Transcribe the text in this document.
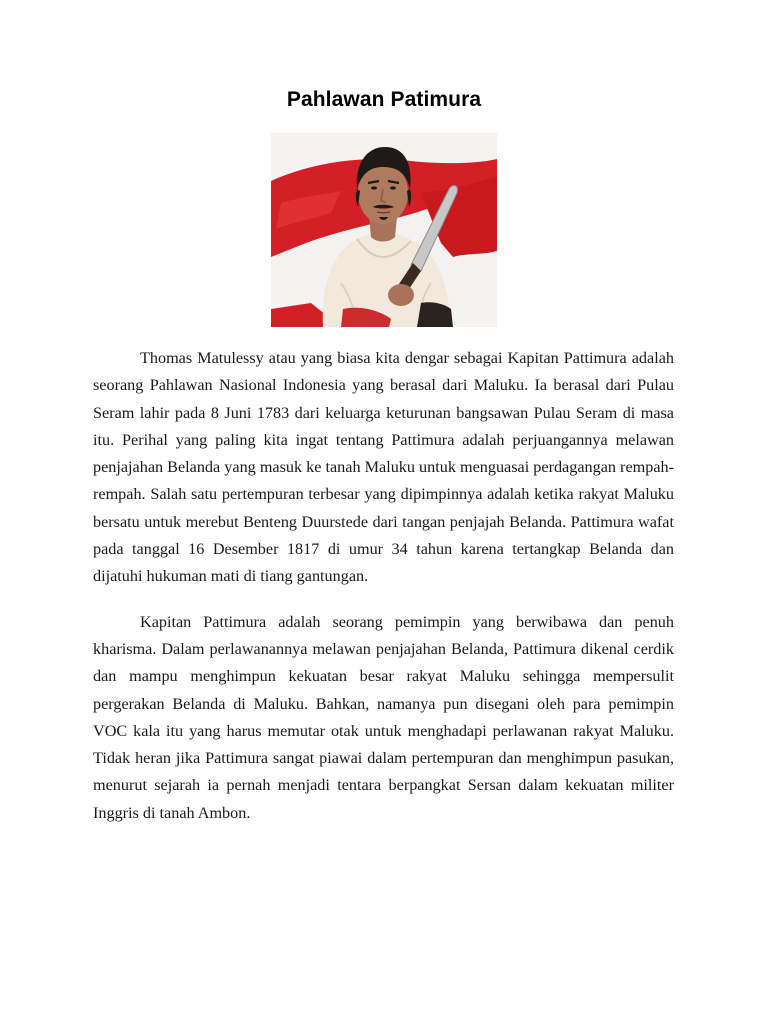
Pahlawan Patimura

Thomas Matulessy atau yang biasa kita dengar sebagai Kapitan Pattimura adalah seorang Pahlawan Nasional Indonesia yang berasal dari Maluku. Ia berasal dari Pulau Seram lahir pada 8 Juni 1783 dari keluarga keturunan bangsawan Pulau Seram di masa itu. Perihal yang paling kita ingat tentang Pattimura adalah perjuangannya melawan penjajahan Belanda yang masuk ke tanah Maluku untuk menguasai perdagangan rempah-rempah. Salah satu pertempuran terbesar yang dipimpinnya adalah ketika rakyat Maluku bersatu untuk merebut Benteng Duurstede dari tangan penjajah Belanda. Pattimura wafat pada tanggal 16 Desember 1817 di umur 34 tahun karena tertangkap Belanda dan dijatuhi hukuman mati di tiang gantungan.

Kapitan Pattimura adalah seorang pemimpin yang berwibawa dan penuh kharisma. Dalam perlawanannya melawan penjajahan Belanda, Pattimura dikenal cerdik dan mampu menghimpun kekuatan besar rakyat Maluku sehingga mempersulit pergerakan Belanda di Maluku. Bahkan, namanya pun disegani oleh para pemimpin VOC kala itu yang harus memutar otak untuk menghadapi perlawanan rakyat Maluku. Tidak heran jika Pattimura sangat piawai dalam pertempuran dan menghimpun pasukan, menurut sejarah ia pernah menjadi tentara berpangkat Sersan dalam kekuatan militer Inggris di tanah Ambon.
